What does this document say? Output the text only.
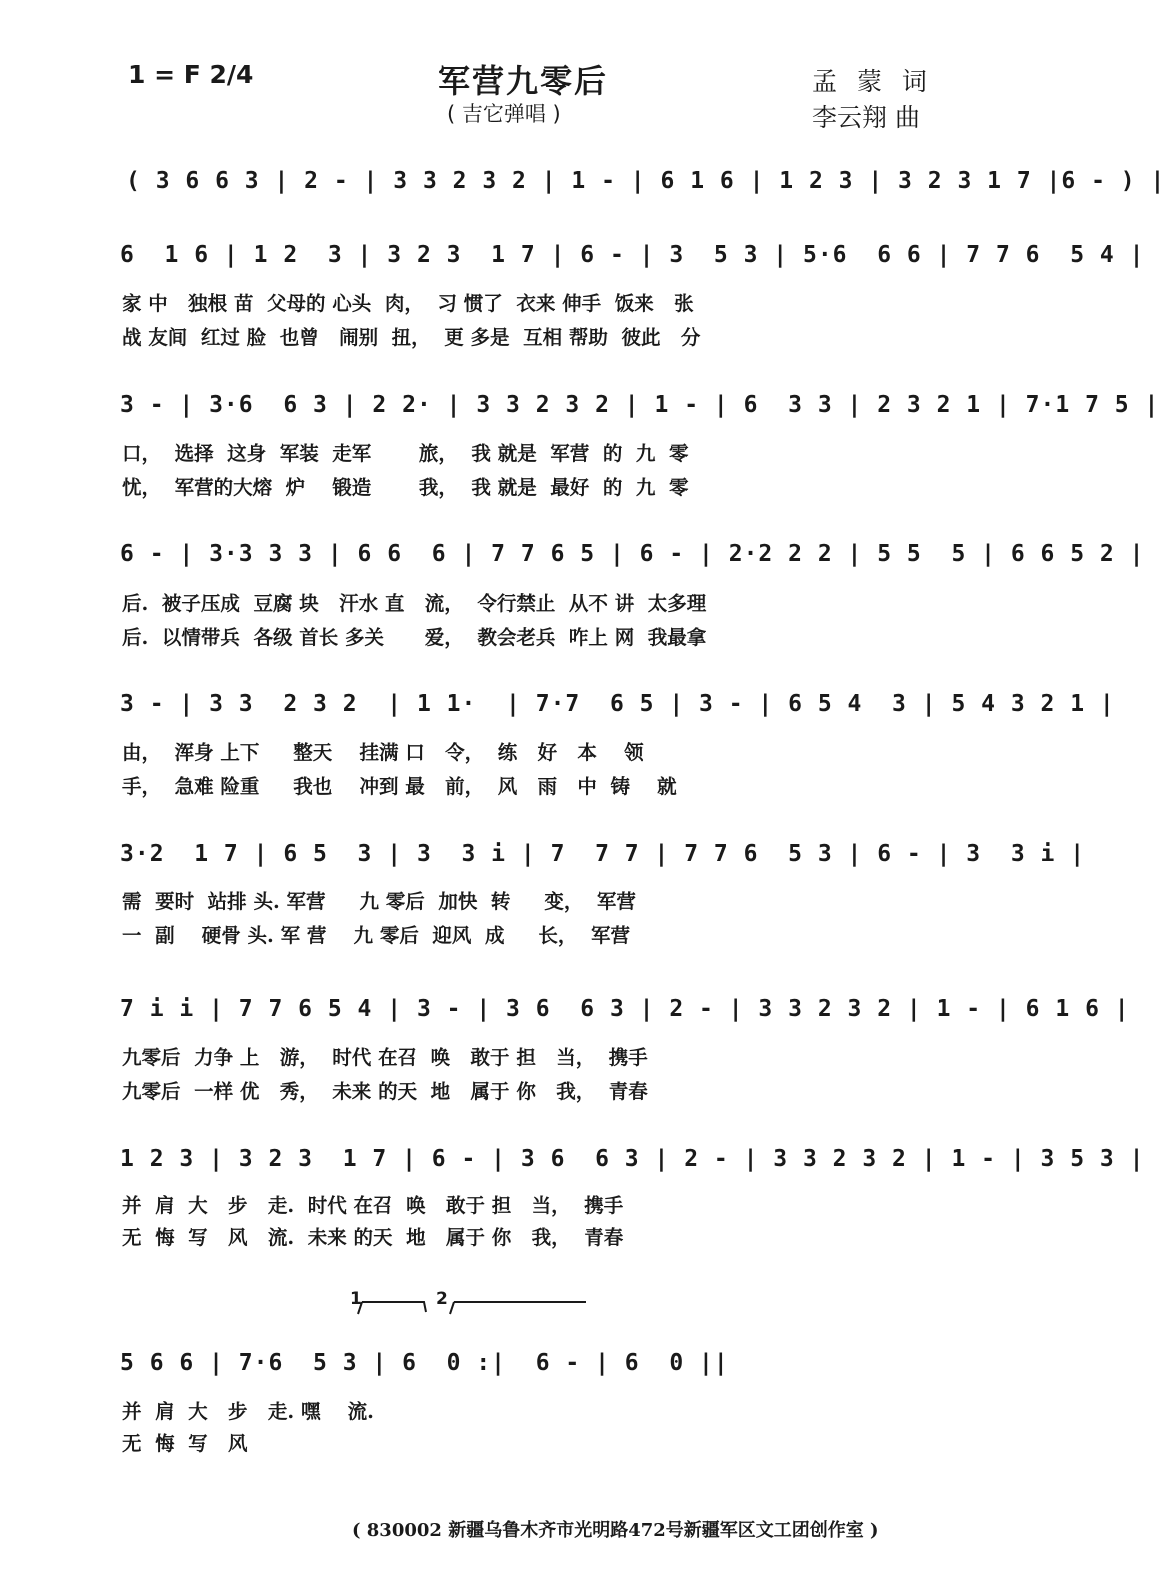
1 = F 2/4	军营九零后
( 吉它弹唱 )
孟 蒙 词
李云翔 曲
( 3 6 6 3 | 2 - | 3 3 2 3 2 | 1 - | 6 1 6 | 1 2 3 | 3 2 3 1 7 |6 - ) |
6  1 6 | 1 2  3 | 3 2 3  1 7 | 6 - | 3  5 3 | 5·6  6 6 | 7 7 6  5 4 |
家 中   独根 苗  父母的 心头  肉，  习 惯了  衣来 伸手  饭来   张
战 友间  红过 脸  也曾   闹别  扭，  更 多是  互相 帮助  彼此   分
3 - | 3·6  6 3 | 2 2· | 3 3 2 3 2 | 1 - | 6  3 3 | 2 3 2 1 | 7·1 7 5 |
口，  选择  这身  军装  走军       旅，  我 就是  军营  的  九  零
忧，  军营的大熔  炉    锻造       我，  我 就是  最好  的  九  零
6 - | 3·3 3 3 | 6 6  6 | 7 7 6 5 | 6 - | 2·2 2 2 | 5 5  5 | 6 6 5 2 |
后.  被子压成  豆腐 块   汗水 直   流，  令行禁止  从不 讲  太多理
后.  以情带兵  各级 首长 多关      爱，  教会老兵  咋上 网  我最拿
3 - | 3 3  2 3 2  | 1 1·  | 7·7  6 5 | 3 - | 6 5 4  3 | 5 4 3 2 1 |
由，  浑身 上下     整天    挂满 口   令，  练   好   本    领
手，  急难 险重     我也    冲到 最   前，  风   雨   中  铸    就
3·2  1 7 | 6 5  3 | 3  3 i | 7  7 7 | 7 7 6  5 3 | 6 - | 3  3 i |
需  要时  站排 头. 军营     九 零后  加快  转     变，  军营
一  副    硬骨 头. 军 营    九 零后  迎风  成     长，  军营
7 i i | 7 7 6 5 4 | 3 - | 3 6  6 3 | 2 - | 3 3 2 3 2 | 1 - | 6 1 6 |
九零后  力争 上   游，  时代 在召  唤   敢于 担   当，  携手
九零后  一样 优   秀，  未来 的天  地   属于 你   我，  青春
1 2 3 | 3 2 3  1 7 | 6 - | 3 6  6 3 | 2 - | 3 3 2 3 2 | 1 - | 3 5 3 |
并  肩  大   步   走.  时代 在召  唤   敢于 担   当，  携手
无  悔  写   风   流.  未来 的天  地   属于 你   我，  青春
1	2
5 6 6 | 7·6  5 3 | 6  0 :|  6 - | 6  0 ||
并  肩  大   步   走. 嘿    流.
无  悔  写   风
( 830002 新疆乌鲁木齐市光明路472号新疆军区文工团创作室 )
